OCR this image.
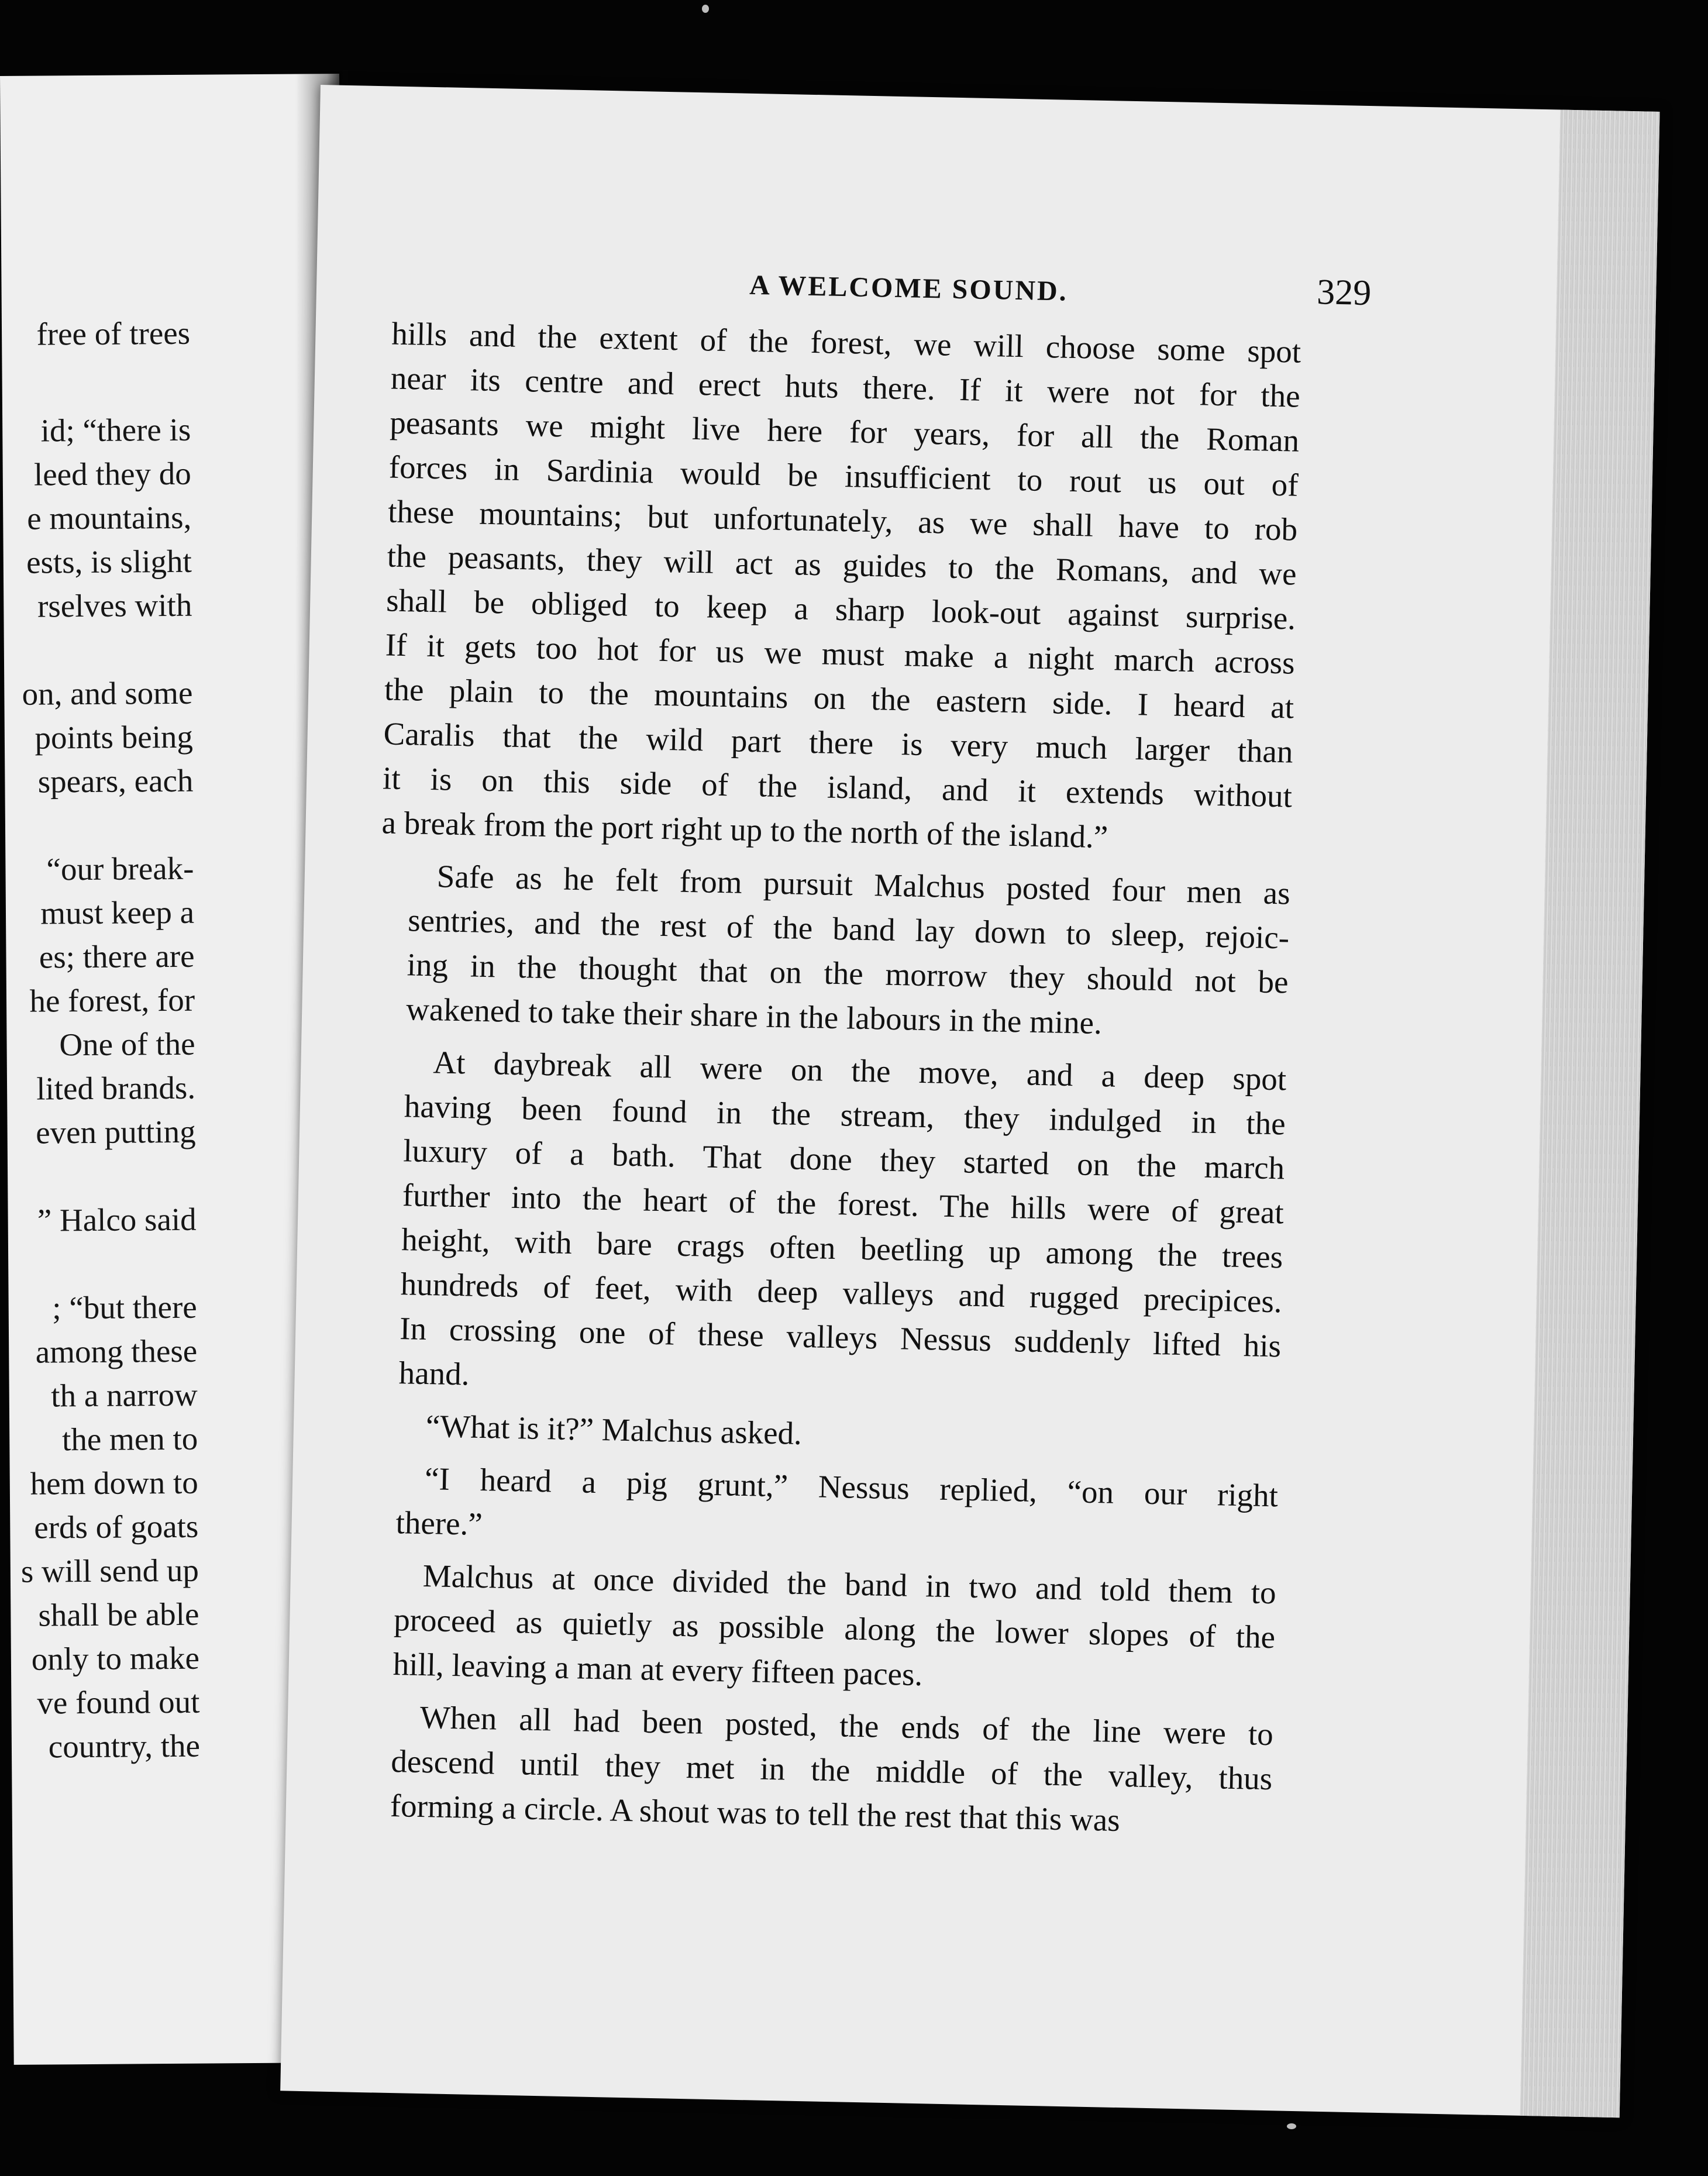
free of trees
id; “there is
leed they do
e mountains,
ests, is slight
rselves with
on, and some
points being
spears, each
“our break-
must keep a
es; there are
he forest, for
One of the
lited brands.
even putting
” Halco said
; “but there
among these
th a narrow
the men to
hem down to
erds of goats
s will send up
shall be able
only to make
ve found out
country, the
A WELCOME SOUND.	329
hills and the extent of the forest, we will choose some spot
near its centre and erect huts there. If it were not for the
peasants we might live here for years, for all the Roman
forces in Sardinia would be insufficient to rout us out of
these mountains; but unfortunately, as we shall have to rob
the peasants, they will act as guides to the Romans, and we
shall be obliged to keep a sharp look-out against surprise.
If it gets too hot for us we must make a night march across
the plain to the mountains on the eastern side. I heard at
Caralis that the wild part there is very much larger than
it is on this side of the island, and it extends without
a break from the port right up to the north of the island.”
Safe as he felt from pursuit Malchus posted four men as
sentries, and the rest of the band lay down to sleep, rejoic-
ing in the thought that on the morrow they should not be
wakened to take their share in the labours in the mine.
At daybreak all were on the move, and a deep spot
having been found in the stream, they indulged in the
luxury of a bath. That done they started on the march
further into the heart of the forest. The hills were of great
height, with bare crags often beetling up among the trees
hundreds of feet, with deep valleys and rugged precipices.
In crossing one of these valleys Nessus suddenly lifted his
hand.
“What is it?” Malchus asked.
“I heard a pig grunt,” Nessus replied, “on our right
there.”
Malchus at once divided the band in two and told them to
proceed as quietly as possible along the lower slopes of the
hill, leaving a man at every fifteen paces.
When all had been posted, the ends of the line were to
descend until they met in the middle of the valley, thus
forming a circle. A shout was to tell the rest that this was
